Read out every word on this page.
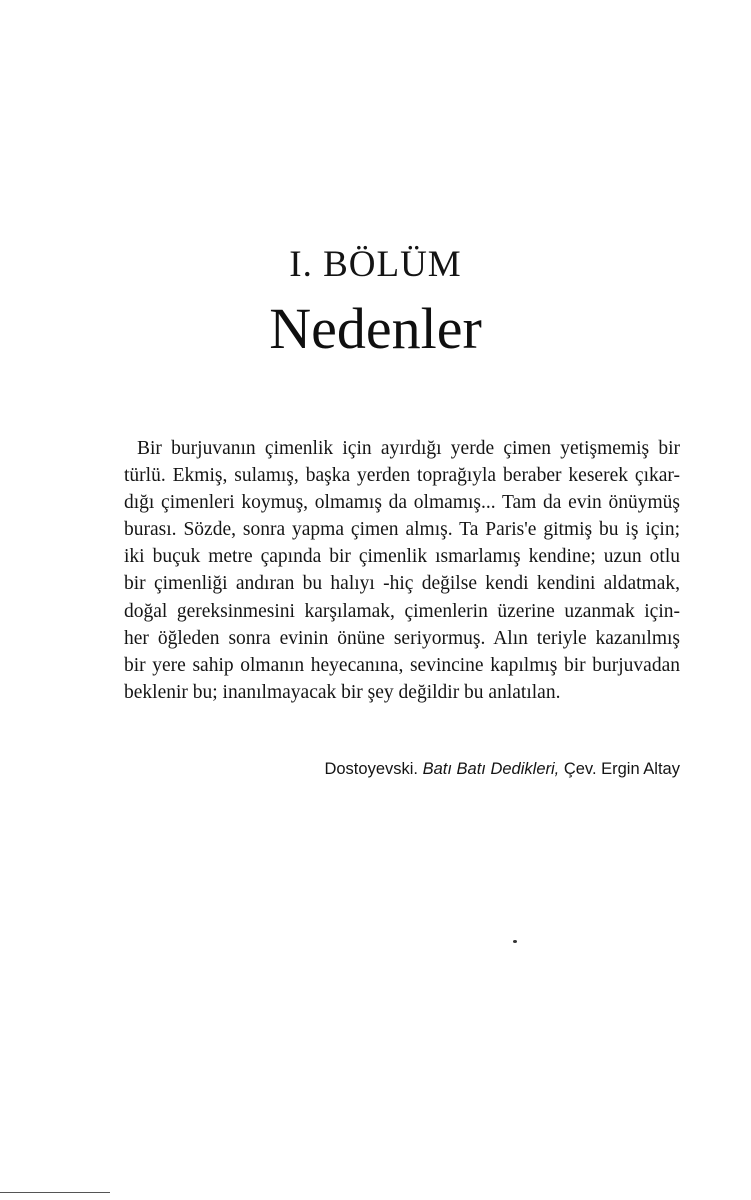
I. BÖLÜM
Nedenler
Bir burjuvanın çimenlik için ayırdığı yerde çimen yetişmemiş bir
türlü. Ekmiş, sulamış, başka yerden toprağıyla beraber keserek çıkar-
dığı çimenleri koymuş, olmamış da olmamış... Tam da evin önüymüş
burası. Sözde, sonra yapma çimen almış. Ta Paris'e gitmiş bu iş için;
iki buçuk metre çapında bir çimenlik ısmarlamış kendine; uzun otlu
bir çimenliği andıran bu halıyı -hiç değilse kendi kendini aldatmak,
doğal gereksinmesini karşılamak, çimenlerin üzerine uzanmak için-
her öğleden sonra evinin önüne seriyormuş. Alın teriyle kazanılmış
bir yere sahip olmanın heyecanına, sevincine kapılmış bir burjuvadan
beklenir bu; inanılmayacak bir şey değildir bu anlatılan.
Dostoyevski. Batı Batı Dedikleri, Çev. Ergin Altay
